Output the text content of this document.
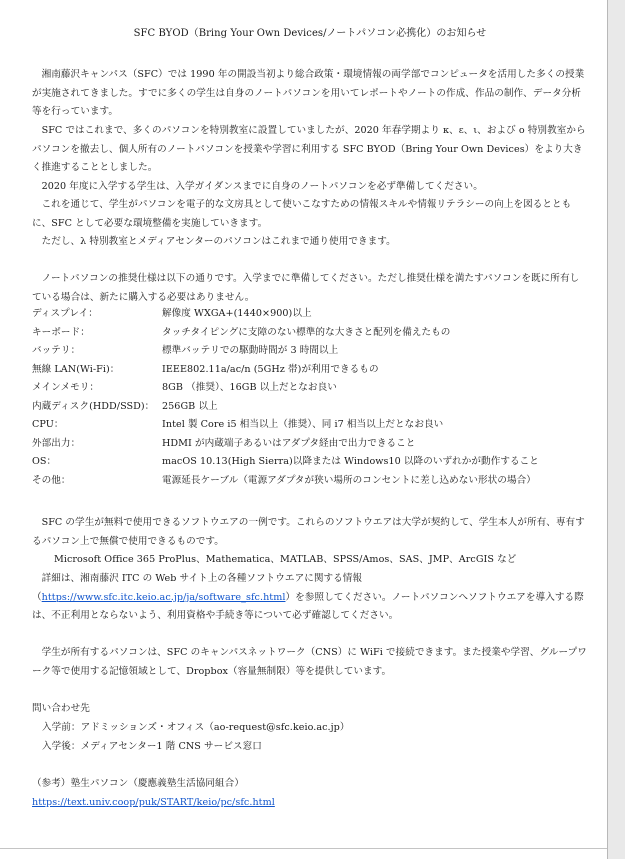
SFC BYOD（Bring Your Own Devices/ノートパソコン必携化）のお知らせ

湘南藤沢キャンパス（SFC）では 1990 年の開設当初より総合政策・環境情報の両学部でコンピュータを活用した多くの授業が実施されてきました。すでに多くの学生は自身のノートパソコンを用いてレポートやノートの作成、作品の制作、データ分析等を行っています。

SFC ではこれまで、多くのパソコンを特別教室に設置していましたが、2020 年春学期より κ、ε、ι、および o 特別教室からパソコンを撤去し、個人所有のノートパソコンを授業や学習に利用する SFC BYOD（Bring Your Own Devices）をより大きく推進することとしました。

2020 年度に入学する学生は、入学ガイダンスまでに自身のノートパソコンを必ず準備してください。

これを通じて、学生がパソコンを電子的な文房具として使いこなすための情報スキルや情報リテラシーの向上を図るとともに、SFC として必要な環境整備を実施していきます。

ただし、λ 特別教室とメディアセンターのパソコンはこれまで通り使用できます。

ノートパソコンの推奨仕様は以下の通りです。入学までに準備してください。ただし推奨仕様を満たすパソコンを既に所有している場合は、新たに購入する必要はありません。

ディスプレイ：	解像度 WXGA+(1440×900)以上
キーボード：	タッチタイピングに支障のない標準的な大きさと配列を備えたもの
バッテリ：	標準バッテリでの駆動時間が 3 時間以上
無線 LAN(Wi-Fi)：	IEEE802.11a/ac/n (5GHz 帯)が利用できるもの
メインメモリ：	8GB （推奨）、16GB 以上だとなお良い
内蔵ディスク(HDD/SSD)：	256GB 以上
CPU：	Intel 製 Core i5 相当以上（推奨）、同 i7 相当以上だとなお良い
外部出力：	HDMI が内蔵端子あるいはアダプタ経由で出力できること
OS：	macOS 10.13(High Sierra)以降または Windows10 以降のいずれかが動作すること
その他：	電源延長ケーブル（電源アダプタが狭い場所のコンセントに差し込めない形状の場合）

SFC の学生が無料で使用できるソフトウエアの一例です。これらのソフトウエアは大学が契約して、学生本人が所有、専有するパソコン上で無償で使用できるものです。

Microsoft Office 365 ProPlus、Mathematica、MATLAB、SPSS/Amos、SAS、JMP、ArcGIS など

詳細は、湘南藤沢 ITC の Web サイト上の各種ソフトウエアに関する情報（https://www.sfc.itc.keio.ac.jp/ja/software_sfc.html）を参照してください。ノートパソコンへソフトウエアを導入する際は、不正利用とならないよう、利用資格や手続き等について必ず確認してください。

学生が所有するパソコンは、SFC のキャンパスネットワーク（CNS）に WiFi で接続できます。また授業や学習、グループワーク等で使用する記憶領域として、Dropbox（容量無制限）等を提供しています。

問い合わせ先
入学前：アドミッションズ・オフィス（ao-request@sfc.keio.ac.jp）
入学後：メディアセンター1 階 CNS サービス窓口
（参考）塾生パソコン（慶應義塾生活協同組合）
https://text.univ.coop/puk/START/keio/pc/sfc.html
